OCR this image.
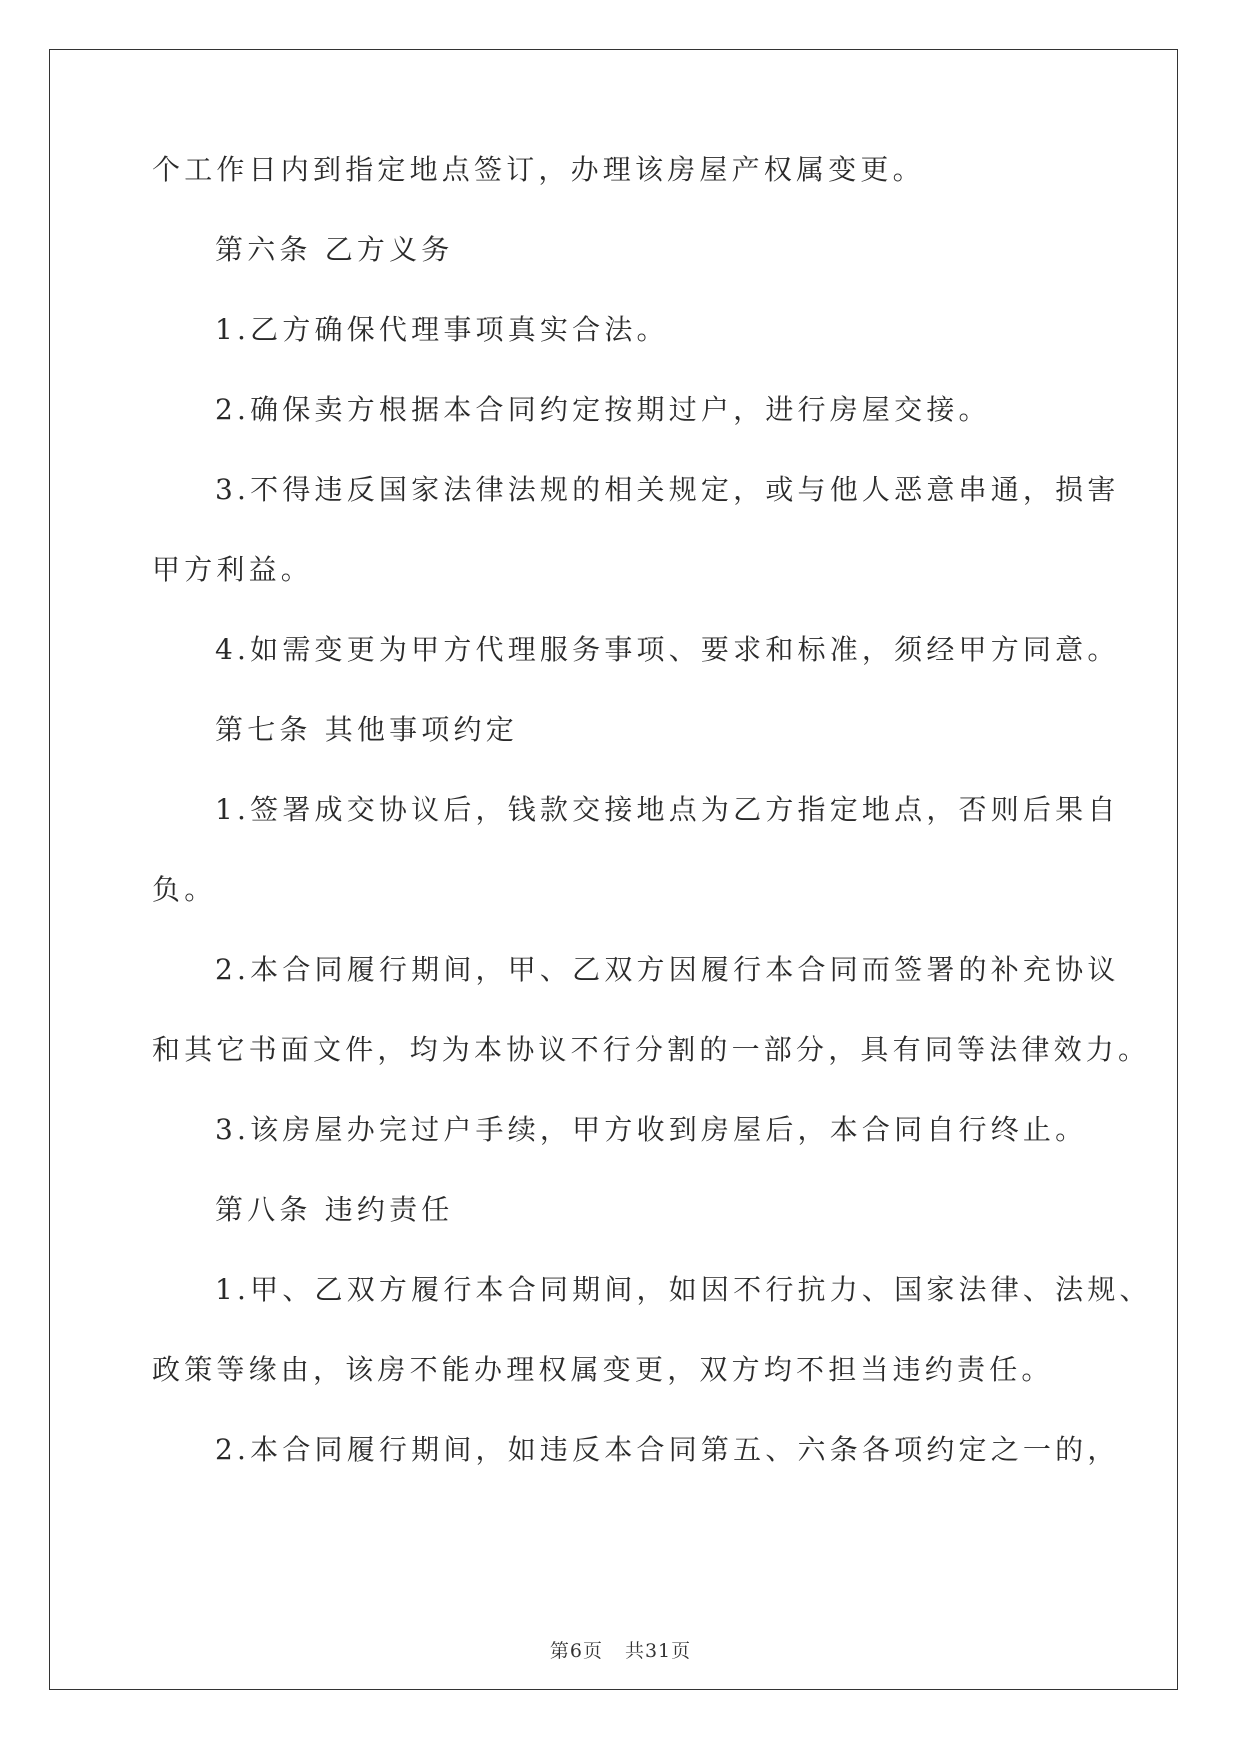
个工作日内到指定地点签订，办理该房屋产权属变更。

第六条 乙方义务

1.乙方确保代理事项真实合法。

2.确保卖方根据本合同约定按期过户，进行房屋交接。

3.不得违反国家法律法规的相关规定，或与他人恶意串通，损害

甲方利益。

4.如需变更为甲方代理服务事项、要求和标准，须经甲方同意。

第七条 其他事项约定

1.签署成交协议后，钱款交接地点为乙方指定地点，否则后果自

负。

2.本合同履行期间，甲、乙双方因履行本合同而签署的补充协议

和其它书面文件，均为本协议不行分割的一部分，具有同等法律效力。

3.该房屋办完过户手续，甲方收到房屋后，本合同自行终止。

第八条 违约责任

1.甲、乙双方履行本合同期间，如因不行抗力、国家法律、法规、

政策等缘由，该房不能办理权属变更，双方均不担当违约责任。

2.本合同履行期间，如违反本合同第五、六条各项约定之一的，

第6页 共31页
